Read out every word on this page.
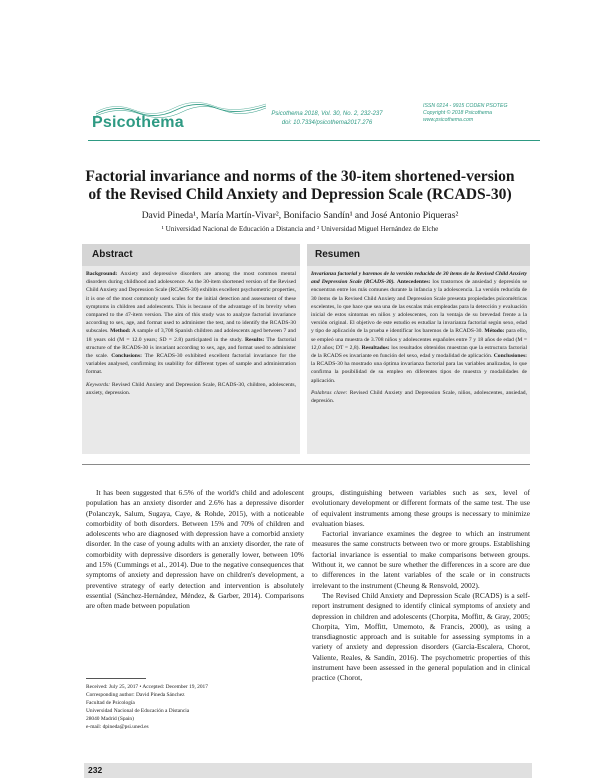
Psicothema	Psicothema 2018, Vol. 30, No. 2, 232-237
doi: 10.7334/psicothema2017.276
ISSN 0214 - 9915 CODEN PSOTEG
Copyright © 2018 Psicothema
www.psicothema.com
Factorial invariance and norms of the 30-item shortened-version
of the Revised Child Anxiety and Depression Scale (RCADS-30)
David Pineda¹, María Martín-Vivar², Bonifacio Sandín¹ and José Antonio Piqueras²
¹ Universidad Nacional de Educación a Distancia and ² Universidad Miguel Hernández de Elche
Abstract
Background: Anxiety and depressive disorders are among the most common mental disorders during childhood and adolescence. As the 30-item shortened version of the Revised Child Anxiety and Depression Scale (RCADS-30) exhibits excellent psychometric properties, it is one of the most commonly used scales for the initial detection and assessment of these symptoms in children and adolescents. This is because of the advantage of its brevity when compared to the 47-item version. The aim of this study was to analyze factorial invariance according to sex, age, and format used to administer the test, and to identify the RCADS-30 subscales. Method: A sample of 3,708 Spanish children and adolescents aged between 7 and 18 years old (M = 12.0 years; SD = 2.8) participated in the study. Results: The factorial structure of the RCADS-30 is invariant according to sex, age, and format used to administer the scale. Conclusions: The RCADS-30 exhibited excellent factorial invariance for the variables analysed, confirming its usability for different types of sample and administration format.
Keywords: Revised Child Anxiety and Depression Scale, RCADS-30, children, adolescents, anxiety, depression.
Resumen
Invarianza factorial y baremos de la versión reducida de 30 ítems de la Revised Child Anxiety and Depression Scale (RCADS-30). Antecedentes: los trastornos de ansiedad y depresión se encuentran entre los más comunes durante la infancia y la adolescencia. La versión reducida de 30 ítems de la Revised Child Anxiety and Depression Scale presenta propiedades psicométricas excelentes, lo que hace que sea una de las escalas más empleadas para la detección y evaluación inicial de estos síntomas en niños y adolescentes, con la ventaja de su brevedad frente a la versión original. El objetivo de este estudio es estudiar la invarianza factorial según sexo, edad y tipo de aplicación de la prueba e identificar los baremos de la RCADS-30. Método: para ello, se empleó una muestra de 3.708 niños y adolescentes españoles entre 7 y 18 años de edad (M = 12,0 años; DT = 2,8). Resultados: los resultados obtenidos muestran que la estructura factorial de la RCADS es invariante en función del sexo, edad y modalidad de aplicación. Conclusiones: la RCADS-30 ha mostrado una óptima invarianza factorial para las variables analizadas, lo que confirma la posibilidad de su empleo en diferentes tipos de muestra y modalidades de aplicación.
Palabras clave: Revised Child Anxiety and Depression Scale, niños, adolescentes, ansiedad, depresión.

It has been suggested that 6.5% of the world's child and adolescent population has an anxiety disorder and 2.6% has a depressive disorder (Polanczyk, Salum, Sugaya, Caye, & Rohde, 2015), with a noticeable comorbidity of both disorders. Between 15% and 70% of children and adolescents who are diagnosed with depression have a comorbid anxiety disorder. In the case of young adults with an anxiety disorder, the rate of comorbidity with depressive disorders is generally lower, between 10% and 15% (Cummings et al., 2014). Due to the negative consequences that symptoms of anxiety and depression have on children's development, a preventive strategy of early detection and intervention is absolutely essential (Sánchez-Hernández, Méndez, & Garber, 2014). Comparisons are often made between population

groups, distinguishing between variables such as sex, level of evolutionary development or different formats of the same test. The use of equivalent instruments among these groups is necessary to minimize evaluation biases.

Factorial invariance examines the degree to which an instrument measures the same constructs between two or more groups. Establishing factorial invariance is essential to make comparisons between groups. Without it, we cannot be sure whether the differences in a score are due to differences in the latent variables of the scale or in constructs irrelevant to the instrument (Cheung & Rensvold, 2002).

The Revised Child Anxiety and Depression Scale (RCADS) is a self-report instrument designed to identify clinical symptoms of anxiety and depression in children and adolescents (Chorpita, Moffitt, & Gray, 2005; Chorpita, Yim, Moffitt, Umemoto, & Francis, 2000), as using a transdiagnostic approach and is suitable for assessing symptoms in a variety of anxiety and depression disorders (García-Escalera, Chorot, Valiente, Reales, & Sandín, 2016). The psychometric properties of this instrument have been assessed in the general population and in clinical practice (Chorot,

Received: July 25, 2017 • Accepted: December 19, 2017
Corresponding author: David Pineda Sánchez
Facultad de Psicología
Universidad Nacional de Educación a Distancia
28040 Madrid (Spain)
e-mail: dpineda@psi.uned.es
232
